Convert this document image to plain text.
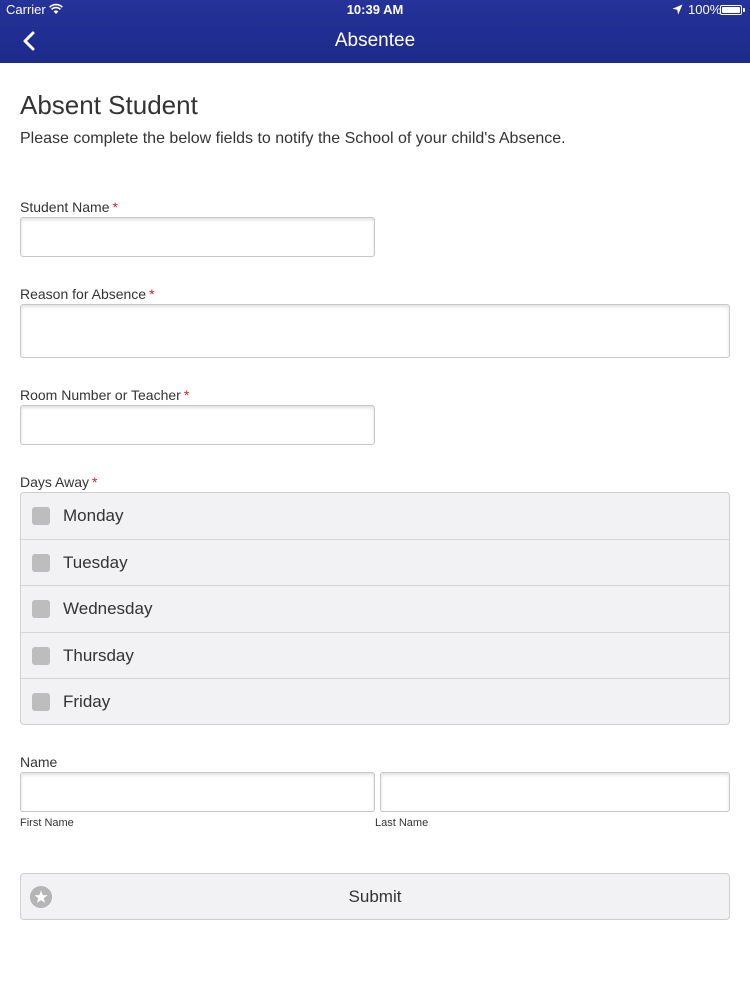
Carrier	10:39 AM	100%
Absentee
Absent Student

Please complete the below fields to notify the School of your child's Absence.

Student Name *
Reason for Absence *
Room Number or Teacher *
Days Away *
Monday
Tuesday
Wednesday
Thursday
Friday
Name
First Name	Last Name
Submit
